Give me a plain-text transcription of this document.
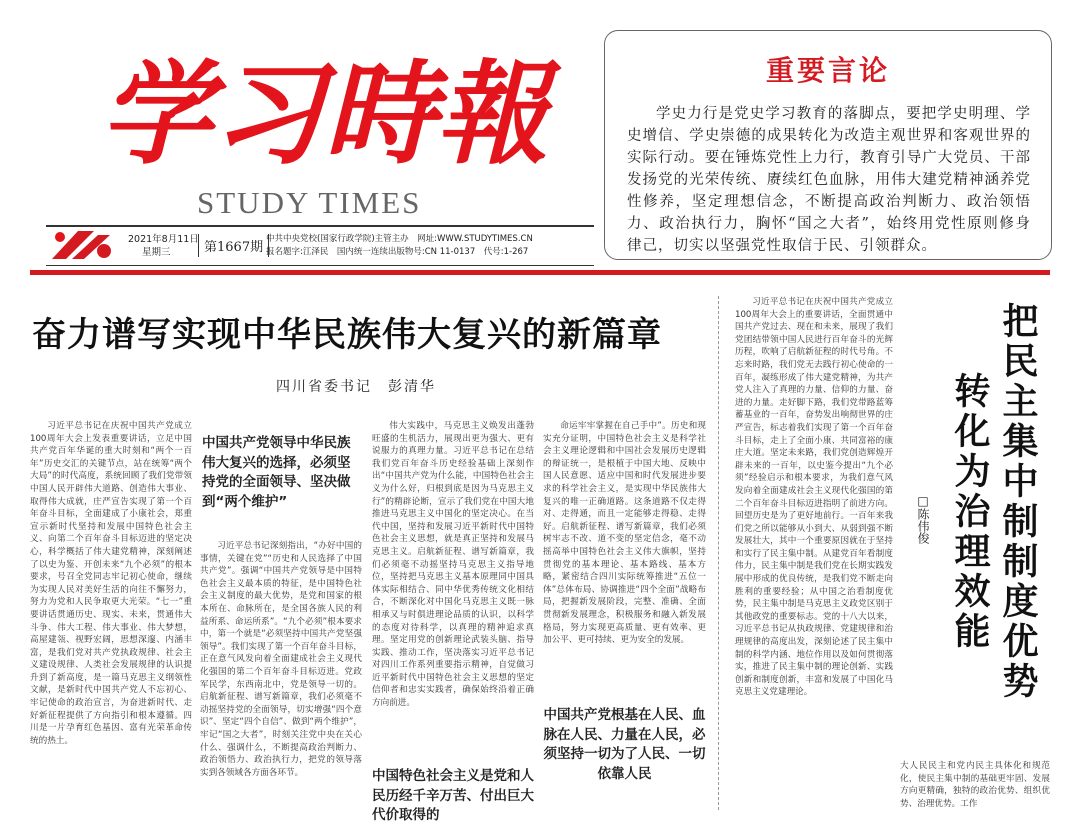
学习時報
STUDY TIMES
2021年8月11日
星期三	第1667期
中共中央党校(国家行政学院)主管主办　网址:WWW.STUDYTIMES.CN
报名题字:江泽民　国内统一连续出版物号:CN 11-0137　代号:1-267
重要言论
学史力行是党史学习教育的落脚点，要把学史明理、学史增信、学史崇德的成果转化为改造主观世界和客观世界的实际行动。要在锤炼党性上力行，教育引导广大党员、干部发扬党的光荣传统、赓续红色血脉，用伟大建党精神涵养党性修养，坚定理想信念，不断提高政治判断力、政治领悟力、政治执行力，胸怀“国之大者”，始终用党性原则修身律己，切实以坚强党性取信于民、引领群众。
奋力谱写实现中华民族伟大复兴的新篇章
四川省委书记　彭清华

习近平总书记在庆祝中国共产党成立100周年大会上发表重要讲话，立足中国共产党百年华诞的重大时刻和“两个一百年”历史交汇的关键节点，站在统筹“两个大局”的时代高度，系统回顾了我们党带领中国人民开辟伟大道路、创造伟大事业、取得伟大成就，庄严宣告实现了第一个百年奋斗目标，全面建成了小康社会，郑重宣示新时代坚持和发展中国特色社会主义、向第二个百年奋斗目标迈进的坚定决心，科学概括了伟大建党精神，深刻阐述了以史为鉴、开创未来“九个必须”的根本要求，号召全党同志牢记初心使命，继续为实现人民对美好生活的向往不懈努力，努力为党和人民争取更大光荣。“七一”重要讲话贯通历史、现实、未来，贯通伟大斗争、伟大工程、伟大事业、伟大梦想，高屋建瓴、视野宏阔，思想深邃、内涵丰富，是我们党对共产党执政规律、社会主义建设规律、人类社会发展规律的认识提升到了新高度，是一篇马克思主义纲领性文献，是新时代中国共产党人不忘初心、牢记使命的政治宣言，为奋进新时代、走好新征程提供了方向指引和根本遵循。四川是一片孕育红色基因、富有光荣革命传统的热土。

中国共产党领导中华民族伟大复兴的选择，必须坚持党的全面领导、坚决做到“两个维护”

习近平总书记深刻指出，“办好中国的事情，关键在党”“历史和人民选择了中国共产党”。强调“中国共产党领导是中国特色社会主义最本质的特征，是中国特色社会主义制度的最大优势，是党和国家的根本所在、命脉所在，是全国各族人民的利益所系、命运所系”。“九个必须”根本要求中，第一个就是“必须坚持中国共产党坚强领导”。我们实现了第一个百年奋斗目标，正在意气风发向着全面建成社会主义现代化强国的第二个百年奋斗目标迈进。党政军民学，东西南北中，党是领导一切的。启航新征程、谱写新篇章，我们必须毫不动摇坚持党的全面领导，切实增强“四个意识”、坚定“四个自信”、做到“两个维护”，牢记“国之大者”，时刻关注党中央在关心什么、强调什么，不断提高政治判断力、政治领悟力、政治执行力，把党的领导落实到各领域各方面各环节。

伟大实践中，马克思主义焕发出蓬勃旺盛的生机活力，展现出更为强大、更有说服力的真理力量。习近平总书记在总结我们党百年奋斗历史经验基础上深刻作出“中国共产党为什么能，中国特色社会主义为什么好，归根到底是因为马克思主义行”的精辟论断，宣示了我们党在中国大地推进马克思主义中国化的坚定决心。在当代中国，坚持和发展习近平新时代中国特色社会主义思想，就是真正坚持和发展马克思主义。启航新征程、谱写新篇章，我们必须毫不动摇坚持马克思主义指导地位，坚持把马克思主义基本原理同中国具体实际相结合、同中华优秀传统文化相结合，不断深化对中国化马克思主义既一脉相承又与时俱进理论品质的认识，以科学的态度对待科学，以真理的精神追求真理。坚定用党的创新理论武装头脑、指导实践、推动工作，坚决落实习近平总书记对四川工作系列重要指示精神，自觉做习近平新时代中国特色社会主义思想的坚定信仰者和忠实实践者，确保始终沿着正确方向前进。

中国特色社会主义是党和人民历经千辛万苦、付出巨大代价取得的

命运牢牢掌握在自己手中”。历史和现实充分证明，中国特色社会主义是科学社会主义理论逻辑和中国社会发展历史逻辑的辩证统一，是根植于中国大地、反映中国人民意愿、适应中国和时代发展进步要求的科学社会主义，是实现中华民族伟大复兴的唯一正确道路。这条道路不仅走得对、走得通，而且一定能够走得稳、走得好。启航新征程、谱写新篇章，我们必须树牢志不改、道不变的坚定信念，毫不动摇高举中国特色社会主义伟大旗帜，坚持贯彻党的基本理论、基本路线、基本方略，紧密结合四川实际统筹推进“五位一体”总体布局、协调推进“四个全面”战略布局，把握新发展阶段，完整、准确、全面贯彻新发展理念，积极服务和融入新发展格局，努力实现更高质量、更有效率、更加公平、更可持续、更为安全的发展。

中国共产党根基在人民、血脉在人民、力量在人民，必须坚持一切为了人民、一切依靠人民

习近平总书记在庆祝中国共产党成立100周年大会上的重要讲话，全面贯通中国共产党过去、现在和未来，展现了我们党团结带领中国人民进行百年奋斗的光辉历程，吹响了启航新征程的时代号角。不忘来时路，我们党无去践行初心使命的一百年，凝练形成了伟大建党精神，为共产党人注入了真理的力量、信仰的力量、奋进的力量。走好脚下路，我们党带路蓝筹蓄基业的一百年，奋势发出响彻世界的庄严宣告，标志着我们实现了第一个百年奋斗目标，走上了全面小康、共同富裕的康庄大道。坚定未来路，我们党创造辉煌开辟未来的一百年，以史鉴今提出“九个必须”经验启示和根本要求，为我们意气风发向着全面建成社会主义现代化强国的第二个百年奋斗目标迈进指明了前进方向。回望历史是为了更好地前行。一百年来我们党之所以能够从小到大、从弱到强不断发展壮大，其中一个重要原因就在于坚持和实行了民主集中制。从建党百年看制度伟力，民主集中制是我们党在长期实践发展中形成的优良传统，是我们党不断走向胜利的重要经验；从中国之治看制度优势，民主集中制是马克思主义政党区别于其他政党的重要标志。党的十八大以来，习近平总书记从执政规律、党建规律和治理规律的高度出发，深刻论述了民主集中制的科学内涵、地位作用以及如何贯彻落实，推进了民主集中制的理论创新、实践创新和制度创新，丰富和发展了中国化马克思主义党建理论。	把民主集中制制度优势
转化为治理效能
□陈伟俊

大人民民主和党内民主具体化和规范化，使民主集中制的基础更牢固、发展方向更精确，独特的政治优势、组织优势、治理优势。工作
